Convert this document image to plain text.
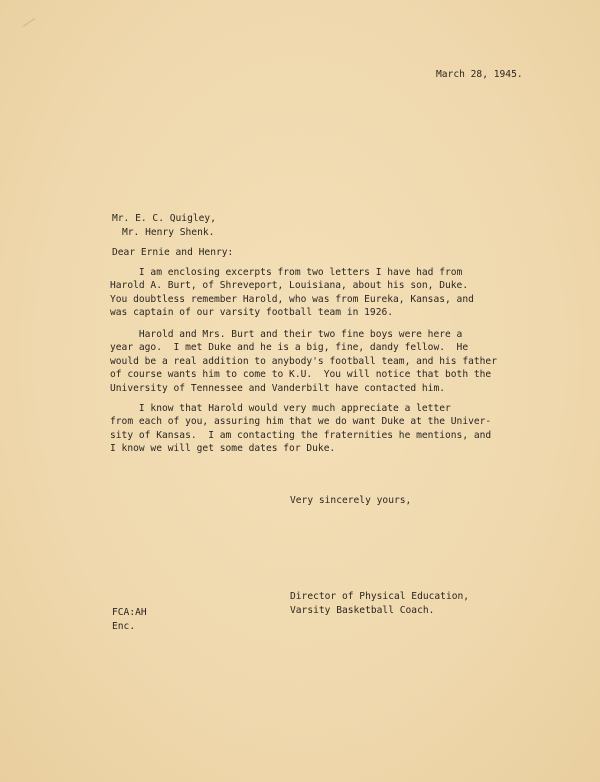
March 28, 1945.
Mr. E. C. Quigley,
Mr. Henry Shenk.
Dear Ernie and Henry:
I am enclosing excerpts from two letters I have had from
Harold A. Burt, of Shreveport, Louisiana, about his son, Duke.
You doubtless remember Harold, who was from Eureka, Kansas, and
was captain of our varsity football team in 1926.
Harold and Mrs. Burt and their two fine boys were here a
year ago.  I met Duke and he is a big, fine, dandy fellow.  He
would be a real addition to anybody's football team, and his father
of course wants him to come to K.U.  You will notice that both the
University of Tennessee and Vanderbilt have contacted him.
I know that Harold would very much appreciate a letter
from each of you, assuring him that we do want Duke at the Univer-
sity of Kansas.  I am contacting the fraternities he mentions, and
I know we will get some dates for Duke.
Very sincerely yours,
Director of Physical Education,
Varsity Basketball Coach.
FCA:AH
Enc.
